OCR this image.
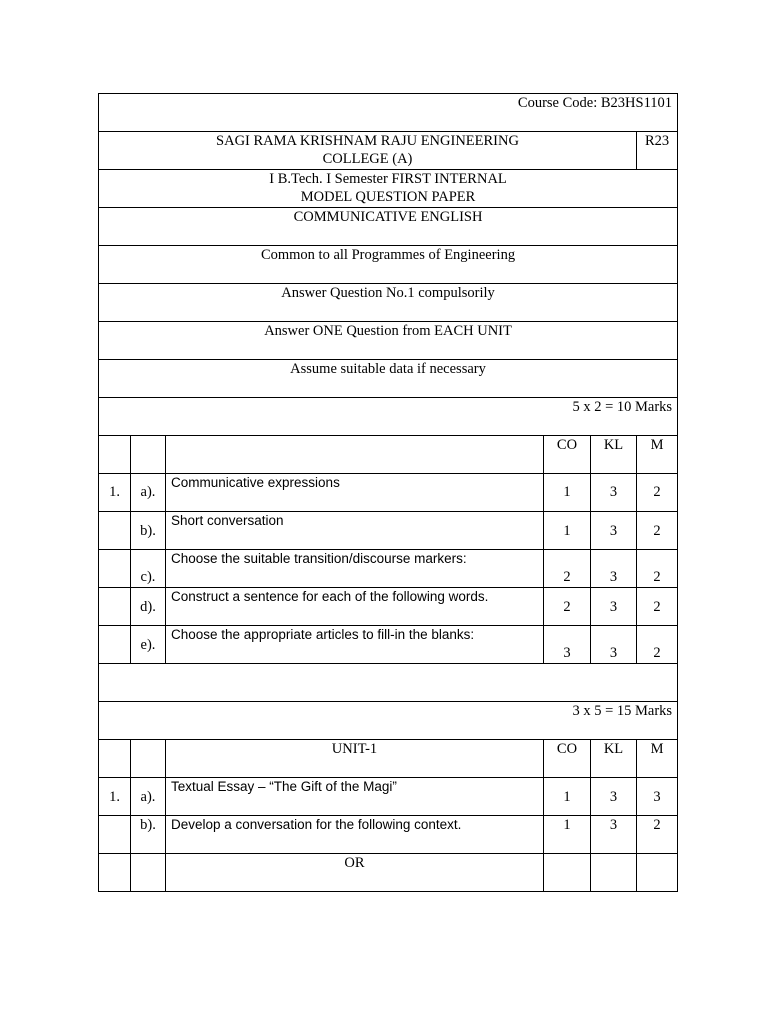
Course Code: B23HS1101					

SAGI RAMA KRISHNAM RAJU ENGINEERING
COLLEGE (A)					R23

I B.Tech. I Semester FIRST INTERNAL
MODEL QUESTION PAPER					

COMMUNICATIVE ENGLISH					
Common to all Programmes of Engineering					
Answer Question No.1 compulsorily					
Answer ONE Question from EACH UNIT					
Assume suitable data if necessary					
5 x 2 = 10 Marks					
			CO	KL	M
1.	a).	Communicative expressions	1	3	2
	b).	Short conversation	1	3	2
	c).	Choose the suitable transition/discourse markers:	2	3	2
	d).	Construct a sentence for each of the following words.	2	3	2
	e).	Choose the appropriate articles to fill-in the blanks:	3	3	2

3 x 5 = 15 Marks					
		UNIT-1	CO	KL	M
1.	a).	Textual Essay – “The Gift of the Magi”	1	3	3
	b).	Develop a conversation for the following context.	1	3	2
		OR			
